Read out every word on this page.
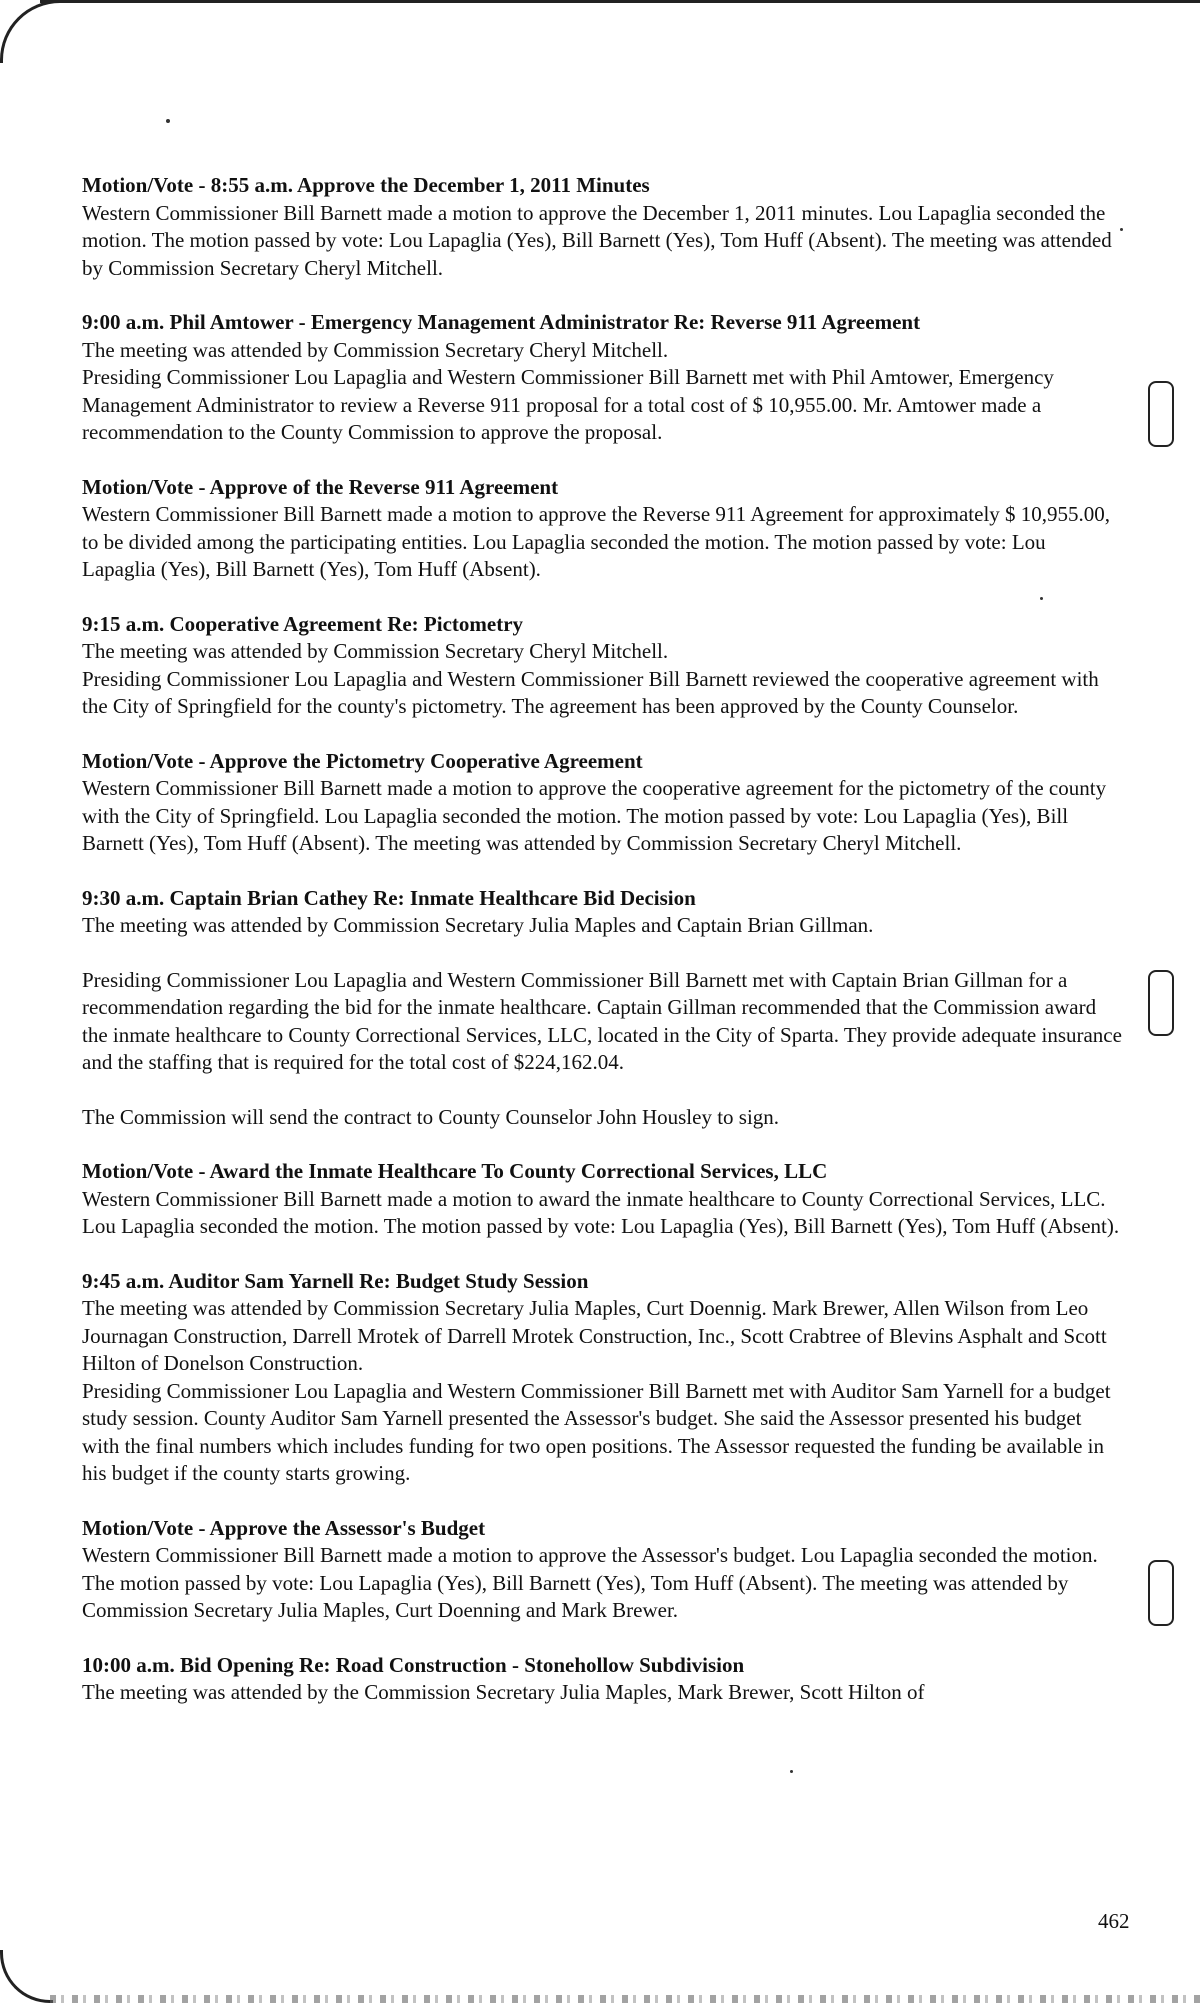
Motion/Vote - 8:55 a.m. Approve the December 1, 2011 Minutes

Western Commissioner Bill Barnett made a motion to approve the December 1, 2011 minutes. Lou Lapaglia seconded the motion. The motion passed by vote: Lou Lapaglia (Yes), Bill Barnett (Yes), Tom Huff (Absent). The meeting was attended by Commission Secretary Cheryl Mitchell.

9:00 a.m. Phil Amtower - Emergency Management Administrator Re: Reverse 911 Agreement

The meeting was attended by Commission Secretary Cheryl Mitchell.

Presiding Commissioner Lou Lapaglia and Western Commissioner Bill Barnett met with Phil Amtower, Emergency Management Administrator to review a Reverse 911 proposal for a total cost of $ 10,955.00. Mr. Amtower made a recommendation to the County Commission to approve the proposal.

Motion/Vote - Approve of the Reverse 911 Agreement

Western Commissioner Bill Barnett made a motion to approve the Reverse 911 Agreement for approximately $ 10,955.00, to be divided among the participating entities. Lou Lapaglia seconded the motion. The motion passed by vote: Lou Lapaglia (Yes), Bill Barnett (Yes), Tom Huff (Absent).

9:15 a.m. Cooperative Agreement Re: Pictometry

The meeting was attended by Commission Secretary Cheryl Mitchell.

Presiding Commissioner Lou Lapaglia and Western Commissioner Bill Barnett reviewed the cooperative agreement with the City of Springfield for the county's pictometry. The agreement has been approved by the County Counselor.

Motion/Vote - Approve the Pictometry Cooperative Agreement

Western Commissioner Bill Barnett made a motion to approve the cooperative agreement for the pictometry of the county with the City of Springfield. Lou Lapaglia seconded the motion. The motion passed by vote: Lou Lapaglia (Yes), Bill Barnett (Yes), Tom Huff (Absent). The meeting was attended by Commission Secretary Cheryl Mitchell.

9:30 a.m. Captain Brian Cathey Re: Inmate Healthcare Bid Decision

The meeting was attended by Commission Secretary Julia Maples and Captain Brian Gillman.

Presiding Commissioner Lou Lapaglia and Western Commissioner Bill Barnett met with Captain Brian Gillman for a recommendation regarding the bid for the inmate healthcare. Captain Gillman recommended that the Commission award the inmate healthcare to County Correctional Services, LLC, located in the City of Sparta. They provide adequate insurance and the staffing that is required for the total cost of $224,162.04.

The Commission will send the contract to County Counselor John Housley to sign.

Motion/Vote - Award the Inmate Healthcare To County Correctional Services, LLC

Western Commissioner Bill Barnett made a motion to award the inmate healthcare to County Correctional Services, LLC. Lou Lapaglia seconded the motion. The motion passed by vote: Lou Lapaglia (Yes), Bill Barnett (Yes), Tom Huff (Absent).

9:45 a.m. Auditor Sam Yarnell Re: Budget Study Session

The meeting was attended by Commission Secretary Julia Maples, Curt Doennig. Mark Brewer, Allen Wilson from Leo Journagan Construction, Darrell Mrotek of Darrell Mrotek Construction, Inc., Scott Crabtree of Blevins Asphalt and Scott Hilton of Donelson Construction.

Presiding Commissioner Lou Lapaglia and Western Commissioner Bill Barnett met with Auditor Sam Yarnell for a budget study session. County Auditor Sam Yarnell presented the Assessor's budget. She said the Assessor presented his budget with the final numbers which includes funding for two open positions. The Assessor requested the funding be available in his budget if the county starts growing.

Motion/Vote - Approve the Assessor's Budget

Western Commissioner Bill Barnett made a motion to approve the Assessor's budget. Lou Lapaglia seconded the motion. The motion passed by vote: Lou Lapaglia (Yes), Bill Barnett (Yes), Tom Huff (Absent). The meeting was attended by Commission Secretary Julia Maples, Curt Doenning and Mark Brewer.

10:00 a.m. Bid Opening Re: Road Construction - Stonehollow Subdivision

The meeting was attended by the Commission Secretary Julia Maples, Mark Brewer, Scott Hilton of

462
